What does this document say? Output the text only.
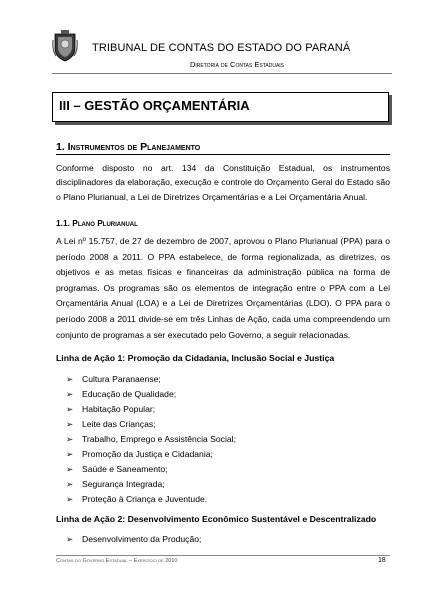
TRIBUNAL DE CONTAS DO ESTADO DO PARANÁ
Diretoria de Contas Estaduais
III – GESTÃO ORÇAMENTÁRIA
1. Instrumentos de Planejamento
Conforme disposto no art. 134 da Constituição Estadual, os instrumentos disciplinadores da elaboração, execução e controle do Orçamento Geral do Estado são o Plano Plurianual, a Lei de Diretrizes Orçamentárias e a Lei Orçamentária Anual.
1.1. Plano Plurianual
A Lei nº 15.757, de 27 de dezembro de 2007, aprovou o Plano Plurianual (PPA) para o período 2008 a 2011. O PPA estabelece, de forma regionalizada, as diretrizes, os objetivos e as metas físicas e financeiras da administração pública na forma de programas. Os programas são os elementos de integração entre o PPA com a Lei Orçamentária Anual (LOA) e a Lei de Diretrizes Orçamentárias (LDO). O PPA para o período 2008 a 2011 divide-se em três Linhas de Ação, cada uma compreendendo um conjunto de programas a ser executado pelo Governo, a seguir relacionadas.
Linha de Ação 1: Promoção da Cidadania, Inclusão Social e Justiça
➢ Cultura Paranaense;
➢ Educação de Qualidade;
➢ Habitação Popular;
➢ Leite das Crianças;
➢ Trabalho, Emprego e Assistência Social;
➢ Promoção da Justiça e Cidadania;
➢ Saúde e Saneamento;
➢ Segurança Integrada;
➢ Proteção à Criança e Juventude.
Linha de Ação 2: Desenvolvimento Econômico Sustentável e Descentralizado
➢ Desenvolvimento da Produção;
Contas do Governo Estadual – Exercício de 2010	18
